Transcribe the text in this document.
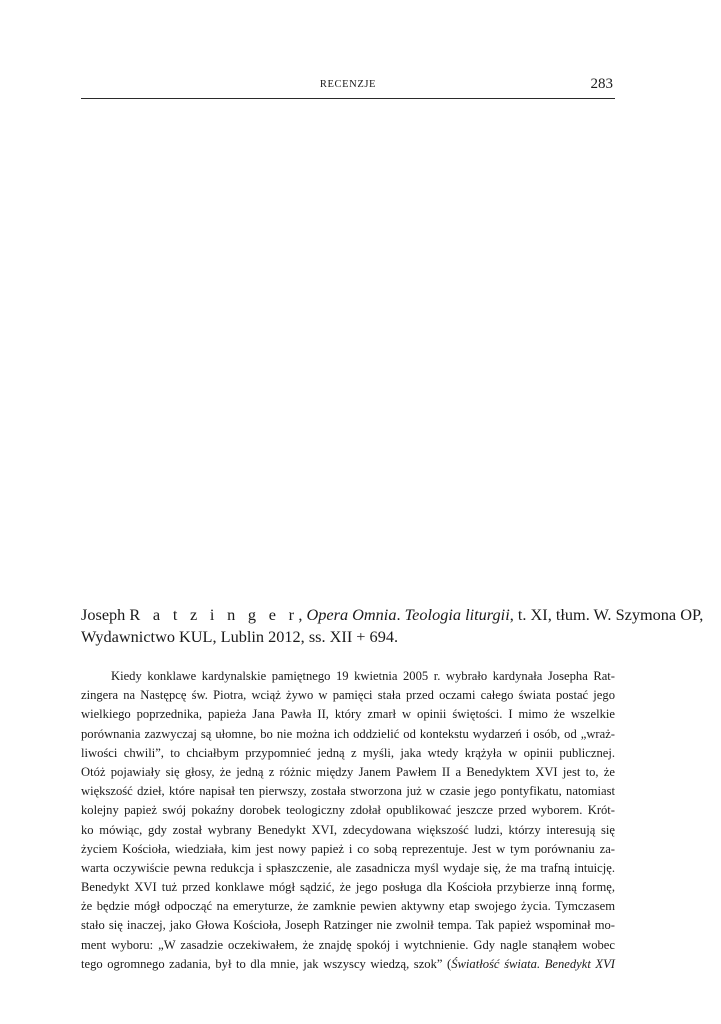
RECENZJE	283
Joseph R a t z i n g e r, Opera Omnia. Teologia liturgii, t. XI, tłum. W. Szymona OP,
Wydawnictwo KUL, Lublin 2012, ss. XII + 694.
Kiedy konklawe kardynalskie pamiętnego 19 kwietnia 2005 r. wybrało kardynała Josepha Rat-
zingera na Następcę św. Piotra, wciąż żywo w pamięci stała przed oczami całego świata postać jego
wielkiego poprzednika, papieża Jana Pawła II, który zmarł w opinii świętości. I mimo że wszelkie
porównania zazwyczaj są ułomne, bo nie można ich oddzielić od kontekstu wydarzeń i osób, od „wraż-
liwości chwili”, to chciałbym przypomnieć jedną z myśli, jaka wtedy krążyła w opinii publicznej.
Otóż pojawiały się głosy, że jedną z różnic między Janem Pawłem II a Benedyktem XVI jest to, że
większość dzieł, które napisał ten pierwszy, została stworzona już w czasie jego pontyfikatu, natomiast
kolejny papież swój pokaźny dorobek teologiczny zdołał opublikować jeszcze przed wyborem. Krót-
ko mówiąc, gdy został wybrany Benedykt XVI, zdecydowana większość ludzi, którzy interesują się
życiem Kościoła, wiedziała, kim jest nowy papież i co sobą reprezentuje. Jest w tym porównaniu za-
warta oczywiście pewna redukcja i spłaszczenie, ale zasadnicza myśl wydaje się, że ma trafną intuicję.
Benedykt XVI tuż przed konklawe mógł sądzić, że jego posługa dla Kościoła przybierze inną formę,
że będzie mógł odpocząć na emeryturze, że zamknie pewien aktywny etap swojego życia. Tymczasem
stało się inaczej, jako Głowa Kościoła, Joseph Ratzinger nie zwolnił tempa. Tak papież wspominał mo-
ment wyboru: „W zasadzie oczekiwałem, że znajdę spokój i wytchnienie. Gdy nagle stanąłem wobec
tego ogromnego zadania, był to dla mnie, jak wszyscy wiedzą, szok” (Światłość świata. Benedykt XVI
